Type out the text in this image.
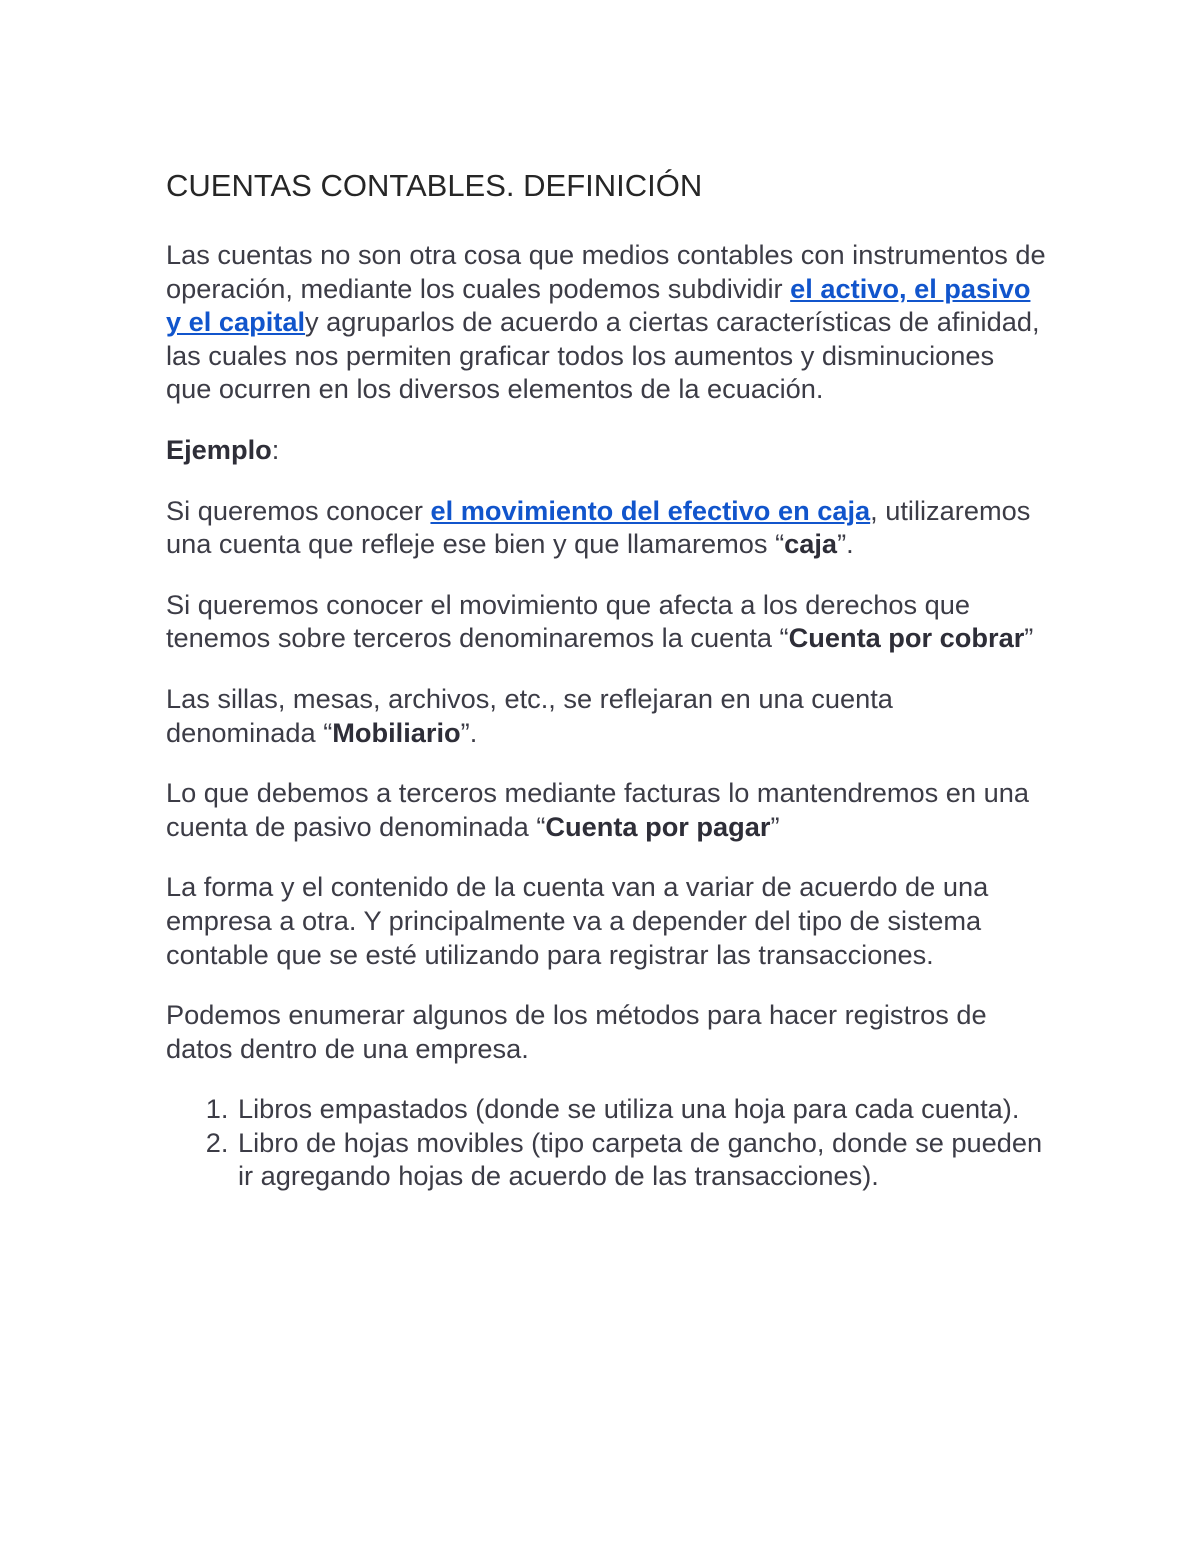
CUENTAS CONTABLES. DEFINICIÓN

Las cuentas no son otra cosa que medios contables con instrumentos de operación, mediante los cuales podemos subdividir el activo, el pasivo y el capitaly agruparlos de acuerdo a ciertas características de afinidad, las cuales nos permiten graficar todos los aumentos y disminuciones que ocurren en los diversos elementos de la ecuación.

Ejemplo:

Si queremos conocer el movimiento del efectivo en caja, utilizaremos una cuenta que refleje ese bien y que llamaremos “caja”.

Si queremos conocer el movimiento que afecta a los derechos que tenemos sobre terceros denominaremos la cuenta “Cuenta por cobrar”

Las sillas, mesas, archivos, etc., se reflejaran en una cuenta denominada “Mobiliario”.

Lo que debemos a terceros mediante facturas lo mantendremos en una cuenta de pasivo denominada “Cuenta por pagar”

La forma y el contenido de la cuenta van a variar de acuerdo de una empresa a otra. Y principalmente va a depender del tipo de sistema contable que se esté utilizando para registrar las transacciones.

Podemos enumerar algunos de los métodos para hacer registros de datos dentro de una empresa.

1. Libros empastados (donde se utiliza una hoja para cada cuenta).
2. Libro de hojas movibles (tipo carpeta de gancho, donde se pueden ir agregando hojas de acuerdo de las transacciones).
